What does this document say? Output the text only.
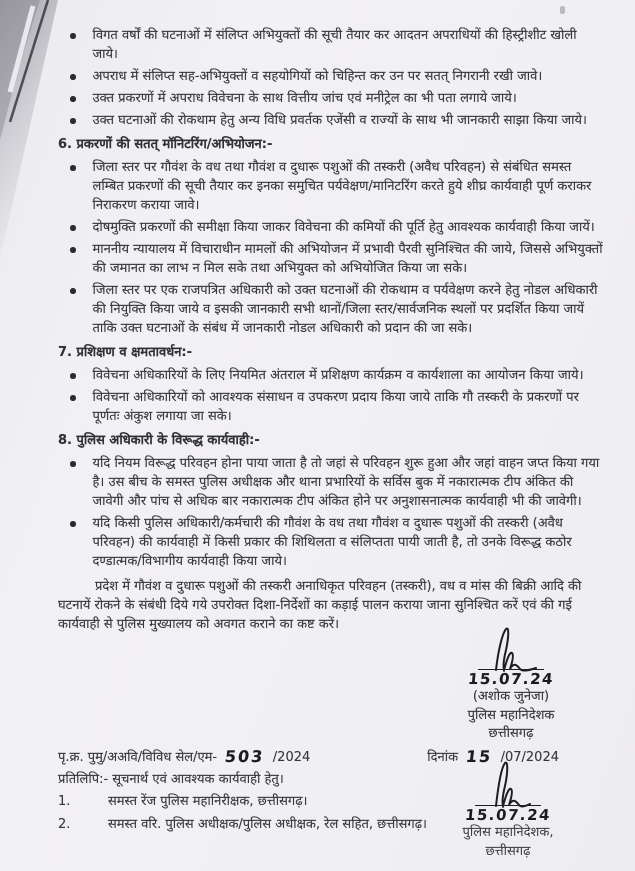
विगत वर्षों की घटनाओं में संलिप्त अभियुक्तों की सूची तैयार कर आदतन अपराधियों की हिस्ट्रीशीट खोली जाये।
अपराध में संलिप्त सह-अभियुक्तों व सहयोगियों को चिहिन्त कर उन पर सतत् निगरानी रखी जावे।
उक्त प्रकरणों में अपराध विवेचना के साथ वित्तीय जांच एवं मनीट्रेल का भी पता लगाये जाये।
उक्त घटनाओं की रोकथाम हेतु अन्य विधि प्रवर्तक एजेंसी व राज्यों के साथ भी जानकारी साझा किया जाये।
6. प्रकरणों की सतत् मॉनिटरिंग/अभियोजन:-
जिला स्तर पर गौवंश के वध तथा गौवंश व दुधारू पशुओं की तस्करी (अवैध परिवहन) से संबंधित समस्त लम्बित प्रकरणों की सूची तैयार कर इनका समुचित पर्यवेक्षण/मानिटरिंग करते हुये शीघ्र कार्यवाही पूर्ण कराकर निराकरण कराया जावे।
दोषमुक्ति प्रकरणों की समीक्षा किया जाकर विवेचना की कमियों की पूर्ति हेतु आवश्यक कार्यवाही किया जायें।
माननीय न्यायालय में विचाराधीन मामलों की अभियोजन में प्रभावी पैरवी सुनिश्चित की जाये, जिससे अभियुक्तों की जमानत का लाभ न मिल सके तथा अभियुक्त को अभियोजित किया जा सके।
जिला स्तर पर एक राजपत्रित अधिकारी को उक्त घटनाओं की रोकथाम व पर्यवेक्षण करने हेतु नोडल अधिकारी की नियुक्ति किया जाये व इसकी जानकारी सभी थानों/जिला स्तर/सार्वजनिक स्थलों पर प्रदर्शित किया जायें ताकि उक्त घटनाओं के संबंध में जानकारी नोडल अधिकारी को प्रदान की जा सके।
7. प्रशिक्षण व क्षमतावर्धन:-
विवेचना अधिकारियों के लिए नियमित अंतराल में प्रशिक्षण कार्यक्रम व कार्यशाला का आयोजन किया जाये।
विवेचना अधिकारियों को आवश्यक संसाधन व उपकरण प्रदाय किया जाये ताकि गौ तस्करी के प्रकरणों पर पूर्णतः अंकुश लगाया जा सके।
8. पुलिस अधिकारी के विरूद्ध कार्यवाही:-
यदि नियम विरूद्ध परिवहन होना पाया जाता है तो जहां से परिवहन शुरू हुआ और जहां वाहन जप्त किया गया है। उस बीच के समस्त पुलिस अधीक्षक और थाना प्रभारियों के सर्विस बुक में नकारात्मक टीप अंकित की जावेगी और पांच से अधिक बार नकारात्मक टीप अंकित होने पर अनुशासनात्मक कार्यवाही भी की जावेगी।
यदि किसी पुलिस अधिकारी/कर्मचारी की गौवंश के वध तथा गौवंश व दुधारू पशुओं की तस्करी (अवैध परिवहन) की कार्यवाही में किसी प्रकार की शिथिलता व संलिप्तता पायी जाती है, तो उनके विरूद्ध कठोर दण्डात्मक/विभागीय कार्यवाही किया जाये।

प्रदेश में गौवंश व दुधारू पशुओं की तस्करी अनाधिकृत परिवहन (तस्करी), वध व मांस की बिक्री आदि की घटनायें रोकने के संबंधी दिये गये उपरोक्त दिशा-निर्देशों का कड़ाई पालन कराया जाना सुनिश्चित करें एवं की गई कार्यवाही से पुलिस मुख्यालय को अवगत कराने का कष्ट करें।

15.07.24
(अशोक जुनेजा)
पुलिस महानिदेशक
छत्तीसगढ़
पृ.क्र. पुमु/अअवि/विविध सेल/एम- 503 /2024	दिनांक 15 /07/2024
प्रतिलिपि:- सूचनार्थ एवं आवश्यक कार्यवाही हेतु।
1.	समस्त रेंज पुलिस महानिरीक्षक, छत्तीसगढ़।
2.	समस्त वरि. पुलिस अधीक्षक/पुलिस अधीक्षक, रेल सहित, छत्तीसगढ़। 15.07.24
पुलिस महानिदेशक,
छत्तीसगढ़
